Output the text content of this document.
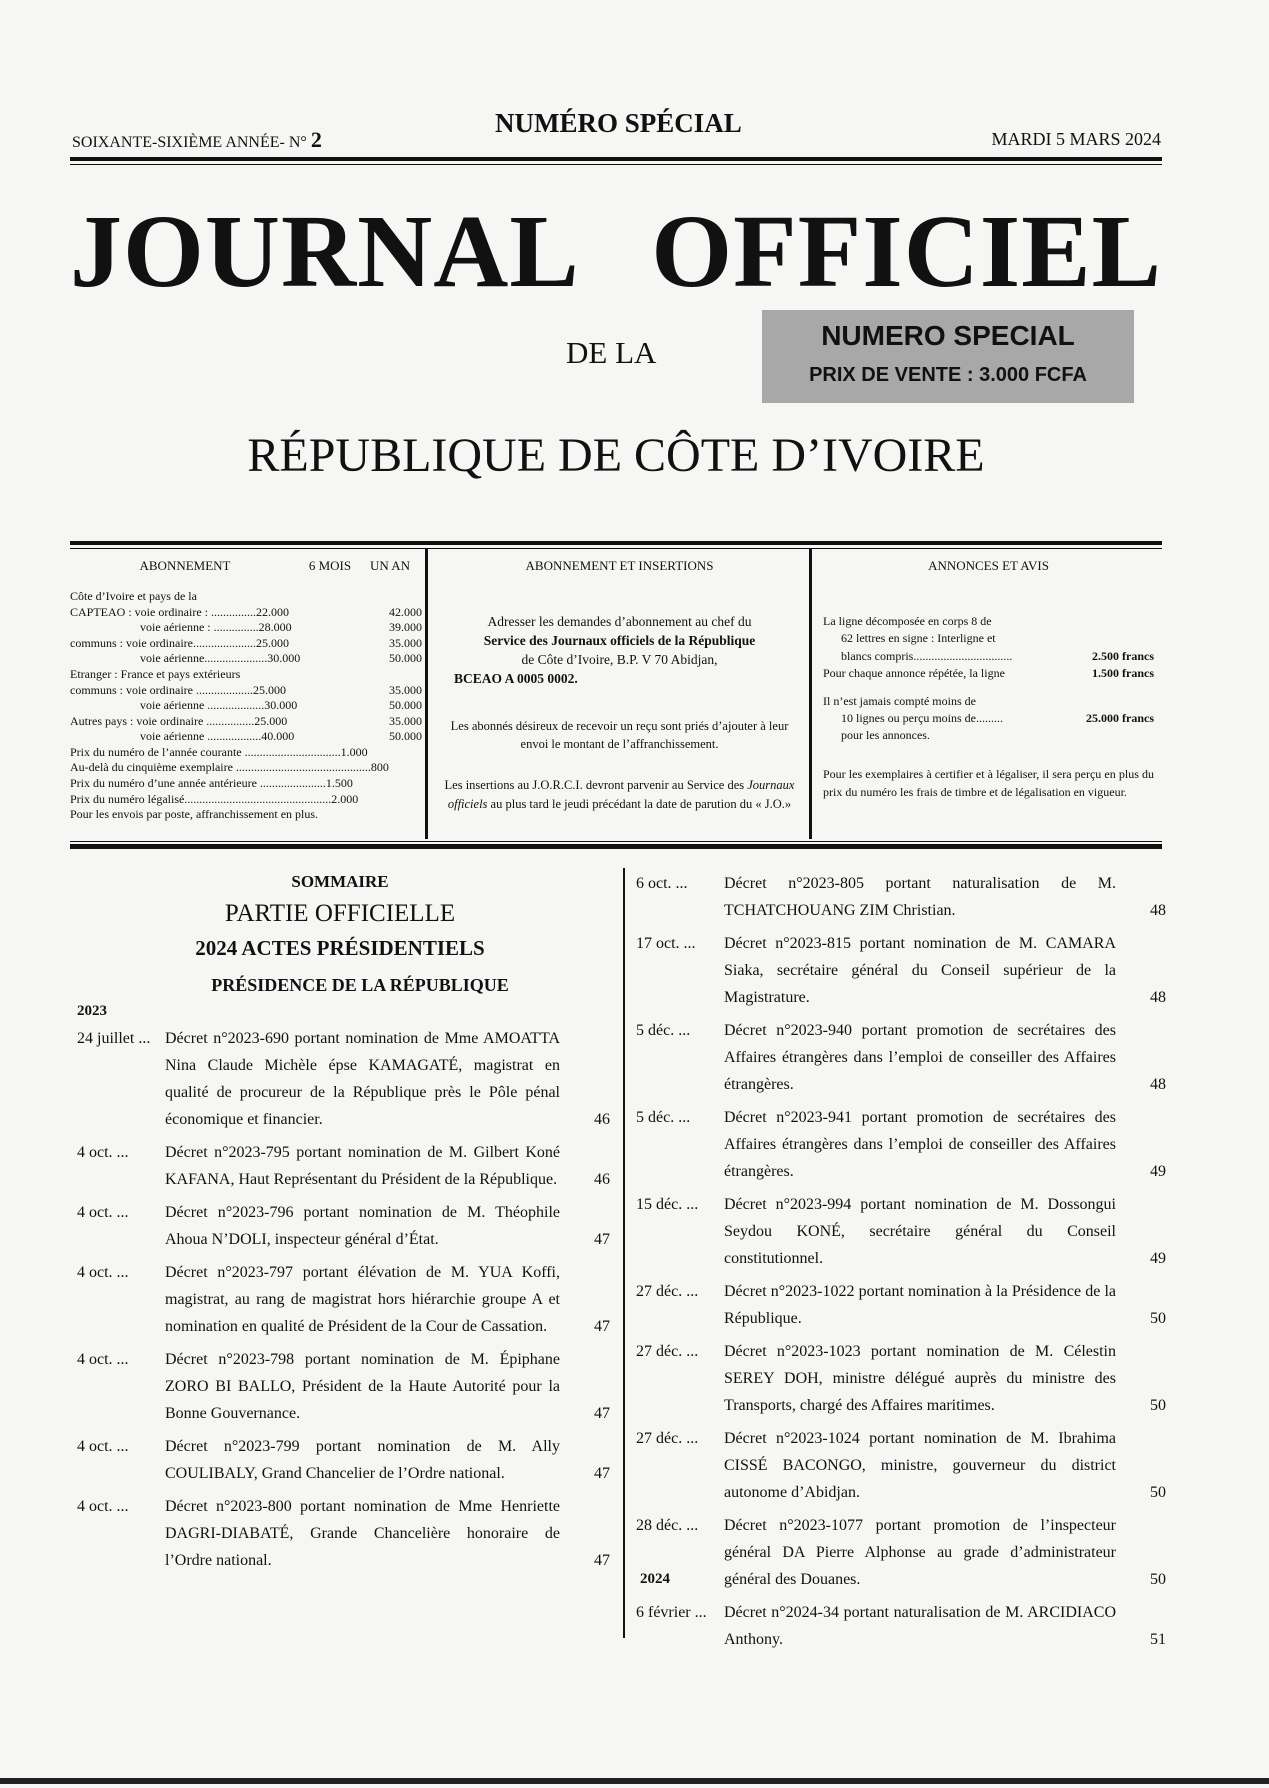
SOIXANTE-SIXIÈME ANNÉE- N° 2
NUMÉRO SPÉCIAL
MARDI 5 MARS 2024
JOURNAL OFFICIEL
DE LA	NUMERO SPECIAL
PRIX DE VENTE : 3.000 FCFA
RÉPUBLIQUE DE CÔTE D’IVOIRE
ABONNEMENT	6 MOIS	UN AN
Côte d’Ivoire et pays de la	
CAPTEAO : voie ordinaire : ...............22.000	42.000
voie aérienne : ...............28.000	39.000
communs : voie ordinaire.....................25.000	35.000
voie aérienne.....................30.000	50.000
Etranger : France et pays extérieurs	
communs : voie ordinaire ...................25.000	35.000
voie aérienne ...................30.000	50.000
Autres pays : voie ordinaire ................25.000	35.000
voie aérienne ..................40.000	50.000
Prix du numéro de l’année courante ................................1.000	
Au-delà du cinquième exemplaire .............................................800	
Prix du numéro d’une année antérieure ......................1.500	
Prix du numéro légalisé.................................................2.000	
Pour les envois par poste, affranchissement en plus.	
ABONNEMENT ET INSERTIONS
Adresser les demandes d’abonnement au chef du
Service des Journaux officiels de la République
de Côte d’Ivoire, B.P. V 70 Abidjan,
BCEAO A 0005 0002.
Les abonnés désireux de recevoir un reçu sont priés d’ajouter à leur envoi le montant de l’affranchissement.
Les insertions au J.O.R.C.I. devront parvenir au Service des Journaux officiels au plus tard le jeudi précédant la date de parution du « J.O.»
ANNONCES ET AVIS
La ligne décomposée en corps 8 de
62 lettres en signe : Interligne et
blancs compris.................................	2.500 francs
Pour chaque annonce répétée, la ligne	1.500 francs
Il n’est jamais compté moins de
10 lignes ou perçu moins de.........	25.000 francs
pour les annonces.
Pour les exemplaires à certifier et à légaliser, il sera perçu en plus du prix du numéro les frais de timbre et de légalisation en vigueur.
SOMMAIRE
PARTIE OFFICIELLE
2024 ACTES PRÉSIDENTIELS
PRÉSIDENCE DE LA RÉPUBLIQUE
2023
24 juillet ... Décret n°2023-690 portant nomination de Mme AMOATTA Nina Claude Michèle épse KAMAGATÉ, magistrat en qualité de procureur de la République près le Pôle pénal économique et financier.	46
4 oct. ...	Décret n°2023-795 portant nomination de M. Gilbert Koné KAFANA, Haut Représentant du Président de la République. 46
4 oct. ...	Décret n°2023-796 portant nomination de M. Théophile Ahoua N’DOLI, inspecteur général d’État.	47
4 oct. ...	Décret n°2023-797 portant élévation de M. YUA Koffi, magistrat, au rang de magistrat hors hiérarchie groupe A et nomination en qualité de Président de la Cour de Cassation.	47
4 oct. ...	Décret n°2023-798 portant nomination de M. Épiphane ZORO BI BALLO, Président de la Haute Autorité pour la Bonne Gouvernance.	47
4 oct. ...	Décret n°2023-799 portant nomination de M. Ally COULIBALY, Grand Chancelier de l’Ordre national.	47
4 oct. ...	Décret n°2023-800 portant nomination de Mme Henriette DAGRI-DIABATÉ, Grande Chancelière honoraire de l’Ordre national.	47
6 oct. ...	Décret n°2023-805 portant naturalisation de M. TCHATCHOUANG ZIM Christian.	48
17 oct. ...	Décret n°2023-815 portant nomination de M. CAMARA Siaka, secrétaire général du Conseil supérieur de la Magistrature.	48
5 déc. ...	Décret n°2023-940 portant promotion de secrétaires des Affaires étrangères dans l’emploi de conseiller des Affaires étrangères.	48
5 déc. ...	Décret n°2023-941 portant promotion de secrétaires des Affaires étrangères dans l’emploi de conseiller des Affaires étrangères.	49
15 déc. ...	Décret n°2023-994 portant nomination de M. Dossongui Seydou KONÉ, secrétaire général du Conseil constitutionnel.	49
27 déc. ...	Décret n°2023-1022 portant nomination à la Présidence de la République.	50
27 déc. ...	Décret n°2023-1023 portant nomination de M. Célestin SEREY DOH, ministre délégué auprès du ministre des Transports, chargé des Affaires maritimes.	50
27 déc. ...	Décret n°2023-1024 portant nomination de M. Ibrahima CISSÉ BACONGO, ministre, gouverneur du district autonome d’Abidjan.	50
28 déc. ...	Décret n°2023-1077 portant promotion de l’inspecteur général DA Pierre Alphonse au grade d’administrateur général des Douanes.	50
6 février ...	Décret n°2024-34 portant naturalisation de M. ARCIDIACO Anthony.	51
2024
